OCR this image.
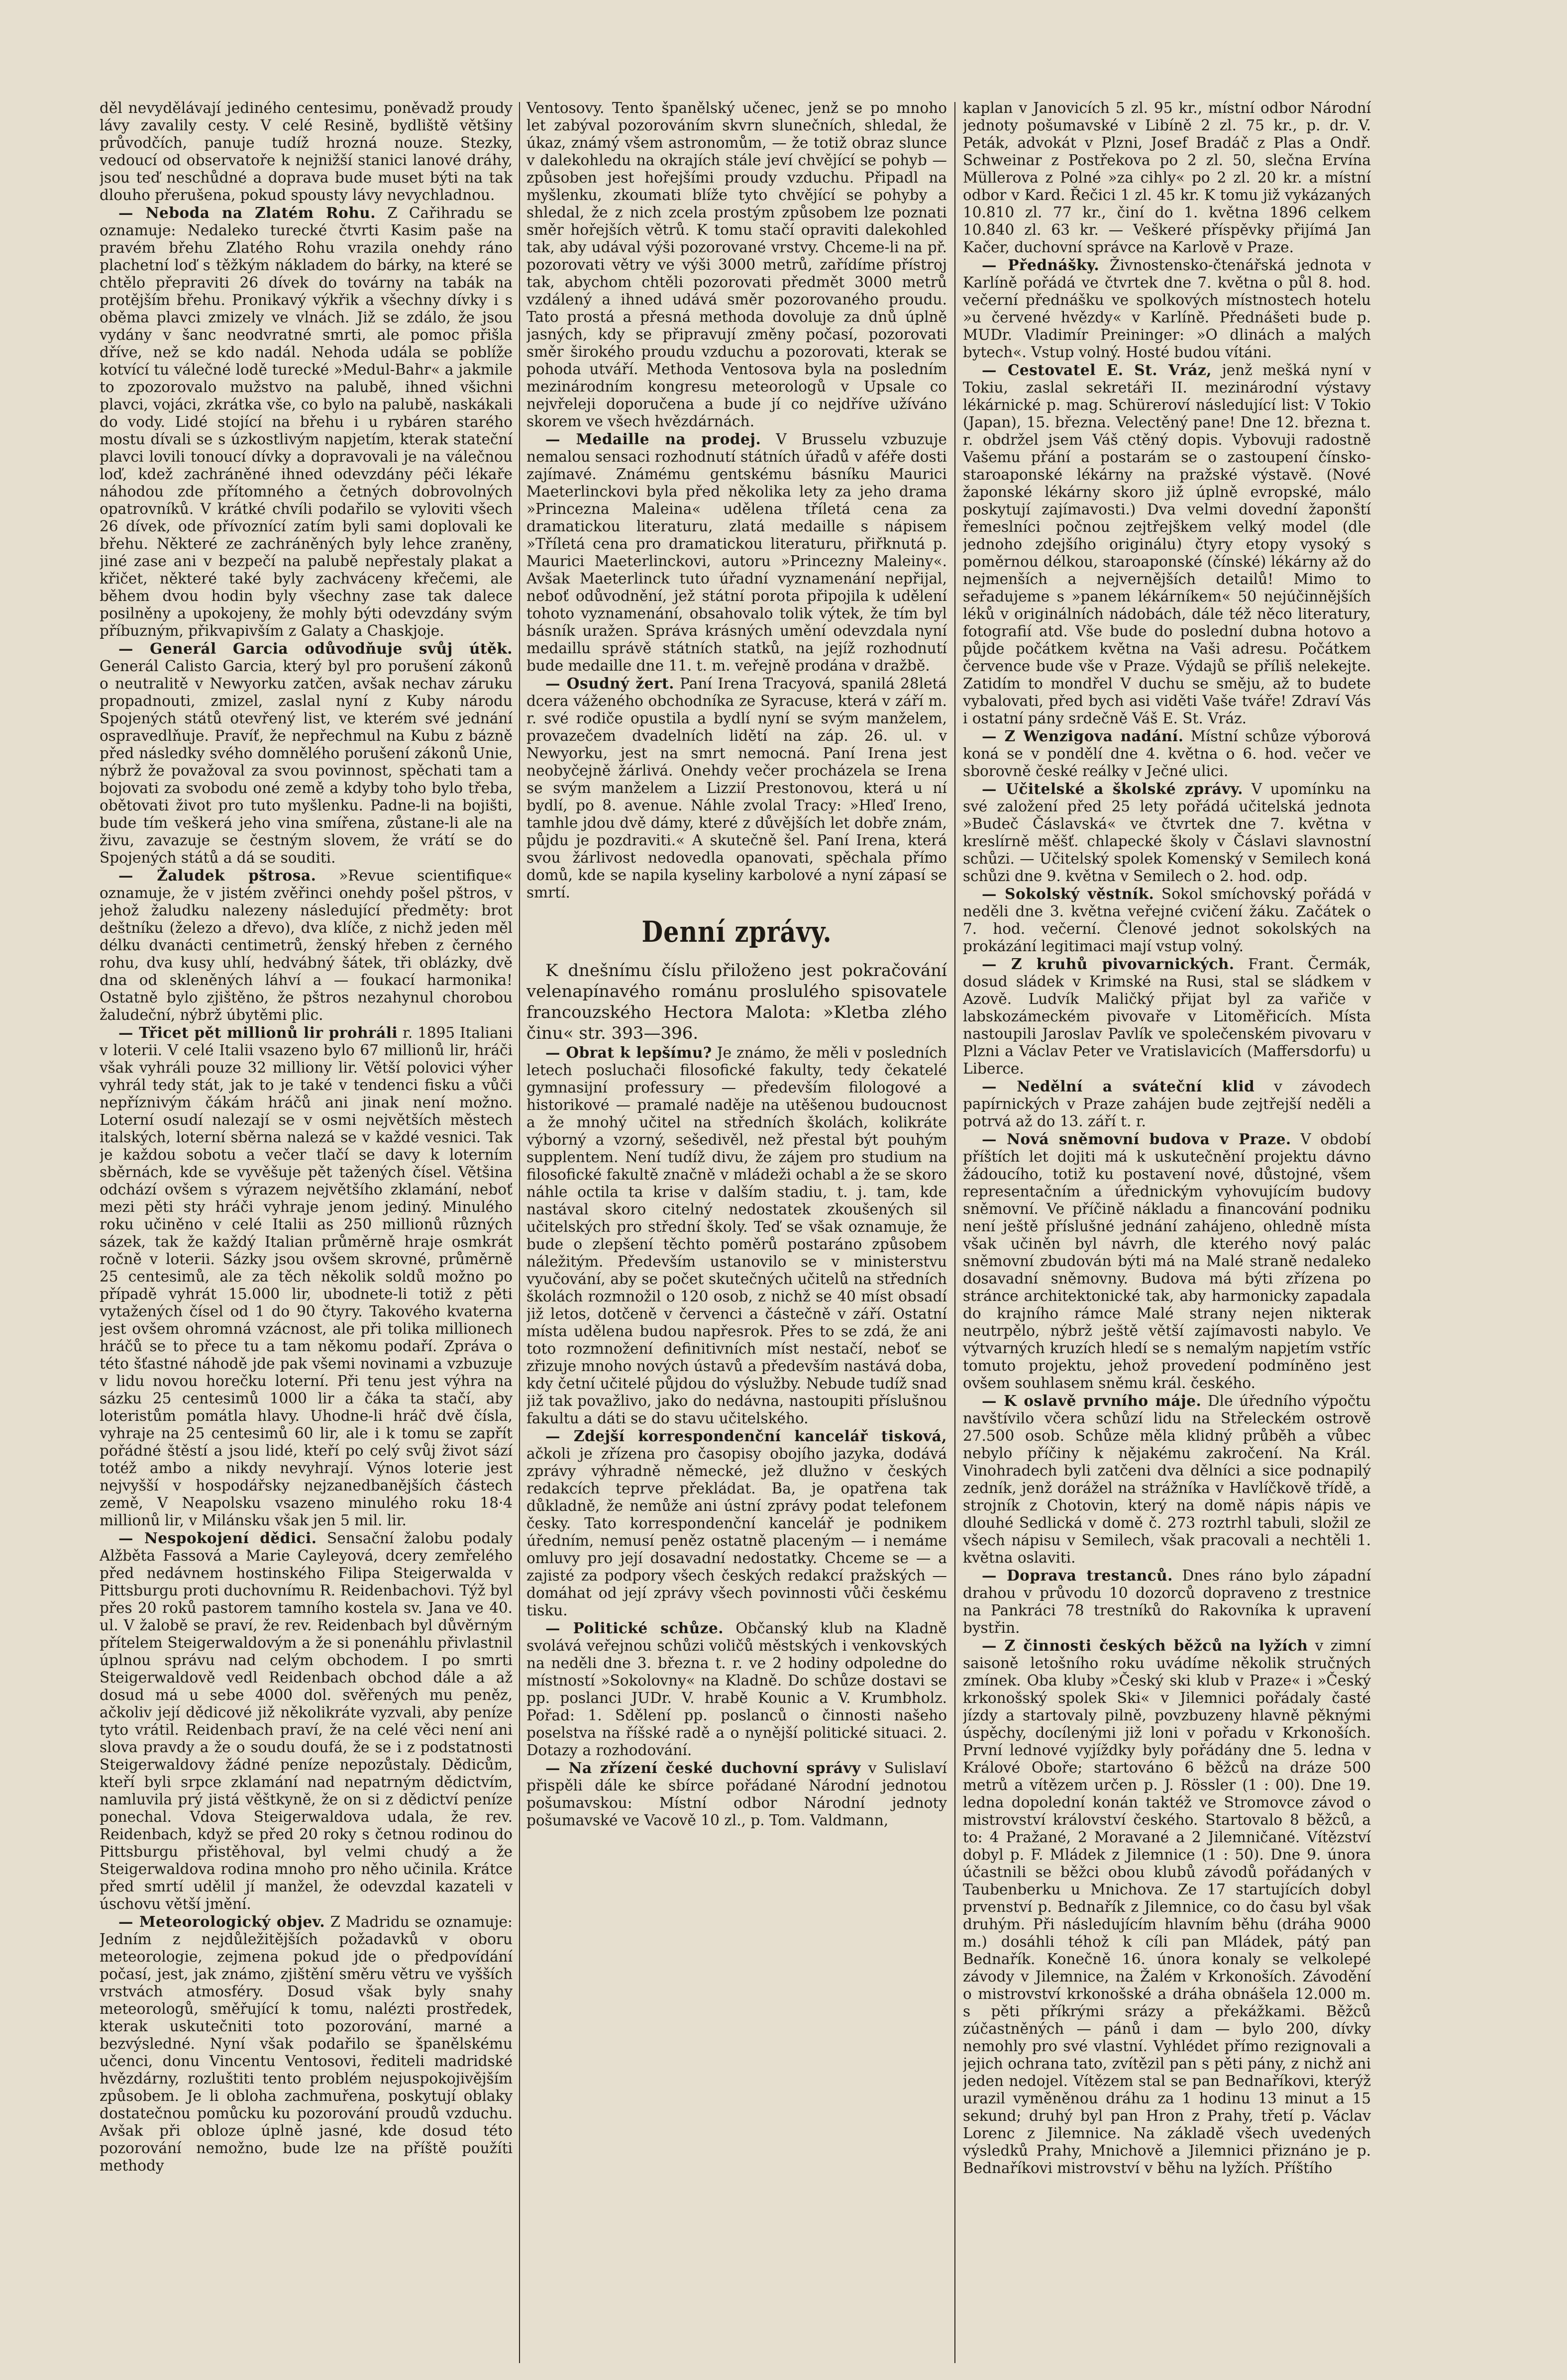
děl nevydělávají jediného centesimu, poněvadž proudy lávy zavalily cesty. V celé Resině, bydliště většiny průvodčích, panuje tudíž hrozná nouze. Stezky, vedoucí od observatoře k nejnižší stanici lanové dráhy, jsou teď neschůdné a doprava bude muset býti na tak dlouho přerušena, pokud spousty lávy nevychladnou.

— Neboda na Zlatém Rohu. Z Cařihradu se oznamuje: Nedaleko turecké čtvrti Kasim paše na pravém břehu Zlatého Rohu vrazila onehdy ráno plachetní loď s těžkým nákladem do bárky, na které se chtělo přepraviti 26 dívek do továrny na tabák na protějším břehu. Pronikavý výkřik a všechny dívky i s oběma plavci zmizely ve vlnách. Již se zdálo, že jsou vydány v šanc neodvratné smrti, ale pomoc přišla dříve, než se kdo nadál. Nehoda udála se poblíže kotvící tu válečné lodě turecké »Medul-Bahr« a jakmile to zpozorovalo mužstvo na palubě, ihned všichni plavci, vojáci, zkrátka vše, co bylo na palubě, naskákali do vody. Lidé stojící na břehu i u rybáren starého mostu dívali se s úzkostlivým napjetím, kterak stateční plavci lovili tonoucí dívky a dopravovali je na válečnou loď, kdež zachráněné ihned odevzdány péči lékaře náhodou zde přítomného a četných dobrovolných opatrovníků. V krátké chvíli podařilo se vyloviti všech 26 dívek, ode přívoznící zatím byli sami doplovali ke břehu. Některé ze zachráněných byly lehce zraněny, jiné zase ani v bezpečí na palubě nepřestaly plakat a křičet, některé také byly zachváceny křečemi, ale během dvou hodin byly všechny zase tak dalece posilněny a upokojeny, že mohly býti odevzdány svým příbuzným, přikvapivším z Galaty a Chaskjoje.

— Generál Garcia odůvodňuje svůj útěk. Generál Calisto Garcia, který byl pro porušení zákonů o neutralitě v Newyorku zatčen, avšak nechav záruku propadnouti, zmizel, zaslal nyní z Kuby národu Spojených států otevřený list, ve kterém své jednání ospravedlňuje. Pravíť, že nepřechmul na Kubu z bázně před následky svého domnělého porušení zákonů Unie, nýbrž že považoval za svou povinnost, spěchati tam a bojovati za svobodu oné země a kdyby toho bylo třeba, obětovati život pro tuto myšlenku. Padne-li na bojišti, bude tím veškerá jeho vina smířena, zůstane-li ale na živu, zavazuje se čestným slovem, že vrátí se do Spojených států a dá se souditi.

— Žaludek pštrosa. »Revue scientifique« oznamuje, že v jistém zvěřinci onehdy pošel pštros, v jehož žaludku nalezeny následující předměty: brot deštníku (železo a dřevo), dva klíče, z nichž jeden měl délku dvanácti centimetrů, ženský hřeben z černého rohu, dva kusy uhlí, hedvábný šátek, tři oblázky, dvě dna od skleněných láhví a — foukací harmonika! Ostatně bylo zjištěno, že pštros nezahynul chorobou žaludeční, nýbrž úbytěmi plic.

— Třicet pět millionů lir prohráli r. 1895 Italiani v loterii. V celé Italii vsazeno bylo 67 millionů lir, hráči však vyhráli pouze 32 milliony lir. Větší polovici výher vyhrál tedy stát, jak to je také v tendenci fisku a vůči nepříznivým čákám hráčů ani jinak není možno. Loterní osudí nalezají se v osmi největších městech italských, loterní sběrna nalezá se v každé vesnici. Tak je každou sobotu a večer tlačí se davy k loterním sběrnách, kde se vyvěšuje pět tažených čísel. Většina odchází ovšem s výrazem největšího zklamání, neboť mezi pěti sty hráči vyhraje jenom jediný. Minulého roku učiněno v celé Italii as 250 millionů různých sázek, tak že každý Italian průměrně hraje osmkrát ročně v loterii. Sázky jsou ovšem skrovné, průměrně 25 centesimů, ale za těch několik soldů možno po případě vyhrát 15.000 lir, ubodnete-li totiž z pěti vytažených čísel od 1 do 90 čtyry. Takového kvaterna jest ovšem ohromná vzácnost, ale při tolika millionech hráčů se to přece tu a tam někomu podaří. Zpráva o této šťastné náhodě jde pak všemi novinami a vzbuzuje v lidu novou horečku loterní. Při tenu jest výhra na sázku 25 centesimů 1000 lir a čáka ta stačí, aby loteristům pomátla hlavy. Uhodne-li hráč dvě čísla, vyhraje na 25 centesimů 60 lir, ale i k tomu se zapřít pořádné štěstí a jsou lidé, kteří po celý svůj život sází totéž ambo a nikdy nevyhrají. Výnos loterie jest nejvyšší v hospodářsky nejzanedbanějších částech země, V Neapolsku vsazeno minulého roku 18·4 millionů lir, v Milánsku však jen 5 mil. lir.

— Nespokojení dědici. Sensační žalobu podaly Alžběta Fassová a Marie Cayleyová, dcery zemřelého před nedávnem hostinského Filipa Steigerwalda v Pittsburgu proti duchovnímu R. Reidenbachovi. Týž byl přes 20 roků pastorem tamního kostela sv. Jana ve 40. ul. V žalobě se praví, že rev. Reidenbach byl důvěrným přítelem Steigerwaldovým a že si ponenáhlu přivlastnil úplnou správu nad celým obchodem. I po smrti Steigerwaldově vedl Reidenbach obchod dále a až dosud má u sebe 4000 dol. svěřených mu peněz, ačkoliv její dědicové již několikráte vyzvali, aby peníze tyto vrátil. Reidenbach praví, že na celé věci není ani slova pravdy a že o soudu doufá, že se i z podstatnosti Steigerwaldovy žádné peníze nepozůstaly. Dědicům, kteří byli srpce zklamání nad nepatrným dědictvím, namluvila prý jistá věštkyně, že on si z dědictví peníze ponechal. Vdova Steigerwaldova udala, že rev. Reidenbach, když se před 20 roky s četnou rodinou do Pittsburgu přistěhoval, byl velmi chudý a že Steigerwaldova rodina mnoho pro něho učinila. Krátce před smrtí udělil jí manžel, že odevzdal kazateli v úschovu větší jmění.

— Meteorologický objev. Z Madridu se oznamuje: Jedním z nejdůležitějších požadavků v oboru meteorologie, zejmena pokud jde o předpovídání počasí, jest, jak známo, zjištění směru větru ve vyšších vrstvách atmosféry. Dosud však byly snahy meteorologů, směřující k tomu, nalézti prostředek, kterak uskutečniti toto pozorování, marné a bezvýsledné. Nyní však podařilo se španělskému učenci, donu Vincentu Ventosovi, řediteli madridské hvězdárny, rozluštiti tento problém nejuspokojivějším způsobem. Je li obloha zachmuřena, poskytují oblaky dostatečnou pomůcku ku pozorování proudů vzduchu. Avšak při obloze úplně jasné, kde dosud této pozorování nemožno, bude lze na příště použíti methody

Ventosovy. Tento španělský učenec, jenž se po mnoho let zabýval pozorováním skvrn slunečních, shledal, že úkaz, známý všem astronomům, — že totiž obraz slunce v dalekohledu na okrajích stále jeví chvějící se pohyb — způsoben jest hořejšími proudy vzduchu. Připadl na myšlenku, zkoumati blíže tyto chvějící se pohyby a shledal, že z nich zcela prostým způsobem lze poznati směr hořejších větrů. K tomu stačí opraviti dalekohled tak, aby udával výši pozorované vrstvy. Chceme-li na př. pozorovati větry ve výši 3000 metrů, zařídíme přístroj tak, abychom chtěli pozorovati předmět 3000 metrů vzdálený a ihned udává směr pozorovaného proudu. Tato prostá a přesná methoda dovoluje za dnů úplně jasných, kdy se připravují změny počasí, pozorovati směr širokého proudu vzduchu a pozorovati, kterak se pohoda utváří. Methoda Ventosova byla na posledním mezinárodním kongresu meteorologů v Upsale co nejvřeleji doporučena a bude jí co nejdříve užíváno skorem ve všech hvězdárnách.

— Medaille na prodej. V Brusselu vzbuzuje nemalou sensaci rozhodnutí státních úřadů v aféře dosti zajímavé. Známému gentskému básníku Maurici Maeterlinckovi byla před několika lety za jeho drama »Princezna Maleina« udělena tříletá cena za dramatickou literaturu, zlatá medaille s nápisem »Tříletá cena pro dramatickou literaturu, přiřknutá p. Maurici Maeterlinckovi, autoru »Princezny Maleiny«. Avšak Maeterlinck tuto úřadní vyznamenání nepřijal, neboť odůvodnění, jež státní porota připojila k udělení tohoto vyznamenání, obsahovalo tolik výtek, že tím byl básník uražen. Správa krásných umění odevzdala nyní medaillu správě státních statků, na jejíž rozhodnutí bude medaille dne 11. t. m. veřejně prodána v dražbě.

— Osudný žert. Paní Irena Tracyová, spanilá 28letá dcera váženého obchodníka ze Syracuse, která v září m. r. své rodiče opustila a bydlí nyní se svým manželem, provazečem dvadelních lidětí na záp. 26. ul. v Newyorku, jest na smrt nemocná. Paní Irena jest neobyčejně žárlivá. Onehdy večer procházela se Irena se svým manželem a Lizzií Prestonovou, která u ní bydlí, po 8. avenue. Náhle zvolal Tracy: »Hleď Ireno, tamhle jdou dvě dámy, které z důvějších let dobře znám, půjdu je pozdraviti.« A skutečně šel. Paní Irena, která svou žárlivost nedovedla opanovati, spěchala přímo domů, kde se napila kyseliny karbolové a nyní zápasí se smrtí.

Denní zprávy.

K dnešnímu číslu přiloženo jest pokračování velenapínavého románu proslulého spisovatele francouzského Hectora Malota: »Kletba zlého činu« str. 393—396.

— Obrat k lepšímu? Je známo, že měli v posledních letech posluchači filosofické fakulty, tedy čekatelé gymnasijní professury — především filologové a historikové — pramalé naděje na utěšenou budoucnost a že mnohý učitel na středních školách, kolikráte výborný a vzorný, sešedivěl, než přestal být pouhým supplentem. Není tudíž divu, že zájem pro studium na filosofické fakultě značně v mládeži ochabl a že se skoro náhle octila ta krise v dalším stadiu, t. j. tam, kde nastával skoro citelný nedostatek zkoušených sil učitelských pro střední školy. Teď se však oznamuje, že bude o zlepšení těchto poměrů postaráno způsobem náležitým. Především ustanovilo se v ministerstvu vyučování, aby se počet skutečných učitelů na středních školách rozmnožil o 120 osob, z nichž se 40 míst obsadí již letos, dotčeně v červenci a částečně v září. Ostatní místa udělena budou napřesrok. Přes to se zdá, že ani toto rozmnožení definitivních míst nestačí, neboť se zřizuje mnoho nových ústavů a především nastává doba, kdy četní učitelé půjdou do výslužby. Nebude tudíž snad již tak považlivo, jako do nedávna, nastoupiti příslušnou fakultu a dáti se do stavu učitelského.

— Zdejší korrespondenční kancelář tisková, ačkoli je zřízena pro časopisy obojího jazyka, dodává zprávy výhradně německé, jež dlužno v českých redakcích teprve překládat. Ba, je opatřena tak důkladně, že nemůže ani ústní zprávy podat telefonem česky. Tato korrespondenční kancelář je podnikem úředním, nemusí peněz ostatně placeným — i nemáme omluvy pro její dosavadní nedostatky. Chceme se — a zajisté za podpory všech českých redakcí pražských — domáhat od její zprávy všech povinnosti vůči českému tisku.

— Politické schůze. Občanský klub na Kladně svolává veřejnou schůzi voličů městských i venkovských na neděli dne 3. března t. r. ve 2 hodiny odpoledne do místností »Sokolovny« na Kladně. Do schůze dostavi se pp. poslanci JUDr. V. hrabě Kounic a V. Krumbholz. Pořad: 1. Sdělení pp. poslanců o činnosti našeho poselstva na říšské radě a o nynější politické situaci. 2. Dotazy a rozhodování.

— Na zřízení české duchovní správy v Sulislaví přispěli dále ke sbírce pořádané Národní jednotou pošumavskou: Místní odbor Národní jednoty pošumavské ve Vacově 10 zl., p. Tom. Valdmann,

kaplan v Janovicích 5 zl. 95 kr., místní odbor Národní jednoty pošumavské v Libíně 2 zl. 75 kr., p. dr. V. Peták, advokát v Plzni, Josef Bradáč z Plas a Ondř. Schweinar z Postřekova po 2 zl. 50, slečna Ervína Müllerova z Polné »za cihly« po 2 zl. 20 kr. a místní odbor v Kard. Řečici 1 zl. 45 kr. K tomu již vykázaných 10.810 zl. 77 kr., činí do 1. května 1896 celkem 10.840 zl. 63 kr. — Veškeré příspěvky přijímá Jan Kačer, duchovní správce na Karlově v Praze.

— Přednášky. Živnostensko-čtenářská jednota v Karlíně pořádá ve čtvrtek dne 7. května o půl 8. hod. večerní přednášku ve spolkových místnostech hotelu »u červené hvězdy« v Karlíně. Přednášeti bude p. MUDr. Vladimír Preininger: »O dlinách a malých bytech«. Vstup volný. Hosté budou vítáni.

— Cestovatel E. St. Vráz, jenž mešká nyní v Tokiu, zaslal sekretáři II. mezinárodní výstavy lékárnické p. mag. Schüreroví následující list: V Tokio (Japan), 15. března. Velectěný pane! Dne 12. března t. r. obdržel jsem Váš ctěný dopis. Vybovuji radostně Vašemu přání a postarám se o zastoupení čínsko-staroaponské lékárny na pražské výstavě. (Nové žaponské lékárny skoro již úplně evropské, málo poskytují zajímavosti.) Dva velmi dovední žaponští řemeslníci počnou zejtřejškem velký model (dle jednoho zdejšího originálu) čtyry etopy vysoký s poměrnou délkou, staroaponské (čínské) lékárny až do nejmenších a nejvernějších detailů! Mimo to seřadujeme s »panem lékárníkem« 50 nejúčinnějších léků v originálních nádobách, dále též něco literatury, fotografií atd. Vše bude do poslední dubna hotovo a půjde počátkem května na Vaši adresu. Počátkem července bude vše v Praze. Výdajů se příliš nelekejte. Zatidím to mondřel V duchu se směju, až to budete vybalovati, před bych asi viděti Vaše tváře! Zdraví Vás i ostatní pány srdečně Váš E. St. Vráz.

— Z Wenzigova nadání. Místní schůze výborová koná se v pondělí dne 4. května o 6. hod. večer ve sborovně české reálky v Ječné ulici.

— Učitelské a školské zprávy. V upomínku na své založení před 25 lety pořádá učitelská jednota »Budeč Čáslavská« ve čtvrtek dne 7. května v kreslírně měšť. chlapecké školy v Čáslavi slavnostní schůzi. — Učitelský spolek Komenský v Semilech koná schůzi dne 9. května v Semilech o 2. hod. odp.

— Sokolský věstník. Sokol smíchovský pořádá v neděli dne 3. května veřejné cvičení žáku. Začátek o 7. hod. večerní. Členové jednot sokolských na prokázání legitimaci mají vstup volný.

— Z kruhů pivovarnických. Frant. Čermák, dosud sládek v Krimské na Rusi, stal se sládkem v Azově. Ludvík Maličký přijat byl za vařiče v labskozámeckém pivovaře v Litoměřicích. Místa nastoupili Jaroslav Pavlík ve společenském pivovaru v Plzni a Václav Peter ve Vratislavicích (Maffersdorfu) u Liberce.

— Nedělní a sváteční klid v závodech papírnických v Praze zahájen bude zejtřejší neděli a potrvá až do 13. září t. r.

— Nová sněmovní budova v Praze. V období příštích let dojiti má k uskutečnění projektu dávno žádoucího, totiž ku postavení nové, důstojné, všem representačním a úřednickým vyhovujícím budovy sněmovní. Ve příčině nákladu a financování podniku není ještě příslušné jednání zahájeno, ohledně místa však učiněn byl návrh, dle kterého nový palác sněmovní zbudován býti má na Malé straně nedaleko dosavadní sněmovny. Budova má býti zřízena po stránce architektonické tak, aby harmonicky zapadala do krajního rámce Malé strany nejen nikterak neutrpělo, nýbrž ještě větší zajímavosti nabylo. Ve výtvarných kruzích hledí se s nemalým napjetím vstříc tomuto projektu, jehož provedení podmíněno jest ovšem souhlasem sněmu král. českého.

— K oslavě prvního máje. Dle úředního výpočtu navštívilo včera schůzí lidu na Střeleckém ostrově 27.500 osob. Schůze měla klidný průběh a vůbec nebylo příčiny k nějakému zakročení. Na Král. Vinohradech byli zatčeni dva dělníci a sice podnapilý zedník, jenž dorážel na strážníka v Havlíčkově třídě, a strojník z Chotovin, který na domě nápis nápis ve dlouhé Sedlická v domě č. 273 roztrhl tabuli, složil ze všech nápisu v Semilech, však pracovali a nechtěli 1. května oslaviti.

— Doprava trestanců. Dnes ráno bylo západní drahou v průvodu 10 dozorců dopraveno z trestnice na Pankráci 78 trestníků do Rakovníka k upravení bystřin.

— Z činnosti českých běžců na lyžích v zimní saisoně letošního roku uvádíme několik stručných zmínek. Oba kluby »Český ski klub v Praze« i »Český krkonošský spolek Ski« v Jilemnici pořádaly časté jízdy a startovaly pilně, povzbuzeny hlavně pěknými úspěchy, docílenými již loni v pořadu v Krkonoších. První lednové vyjíždky byly pořádány dne 5. ledna v Králové Oboře; startováno 6 běžců na dráze 500 metrů a vítězem určen p. J. Rössler (1 : 00). Dne 19. ledna dopolední konán taktéž ve Stromovce závod o mistrovství království českého. Startovalo 8 běžců, a to: 4 Pražané, 2 Moravané a 2 Jilemničané. Vítězství dobyl p. F. Mládek z Jilemnice (1 : 50). Dne 9. února účastnili se běžci obou klubů závodů pořádaných v Taubenberku u Mnichova. Ze 17 startujících dobyl prvenství p. Bednařík z Jilemnice, co do času byl však druhým. Při následujícím hlavním běhu (dráha 9000 m.) dosáhli téhož k cíli pan Mládek, pátý pan Bednařík. Konečně 16. února konaly se velkolepé závody v Jilemnice, na Žalém v Krkonoších. Závodění o mistrovství krkonošské a dráha obnášela 12.000 m. s pěti příkrými srázy a překážkami. Běžců zúčastněných — pánů i dam — bylo 200, dívky nemohly pro své vlastní. Vyhlédet přímo rezignovali a jejich ochrana tato, zvítězil pan s pěti pány, z nichž ani jeden nedojel. Vítězem stal se pan Bednaříkovi, kterýž urazil vyměněnou dráhu za 1 hodinu 13 minut a 15 sekund; druhý byl pan Hron z Prahy, třetí p. Václav Lorenc z Jilemnice. Na základě všech uvedených výsledků Prahy, Mnichově a Jilemnici přiznáno je p. Bednaříkovi mistrovství v běhu na lyžích. Příštího
